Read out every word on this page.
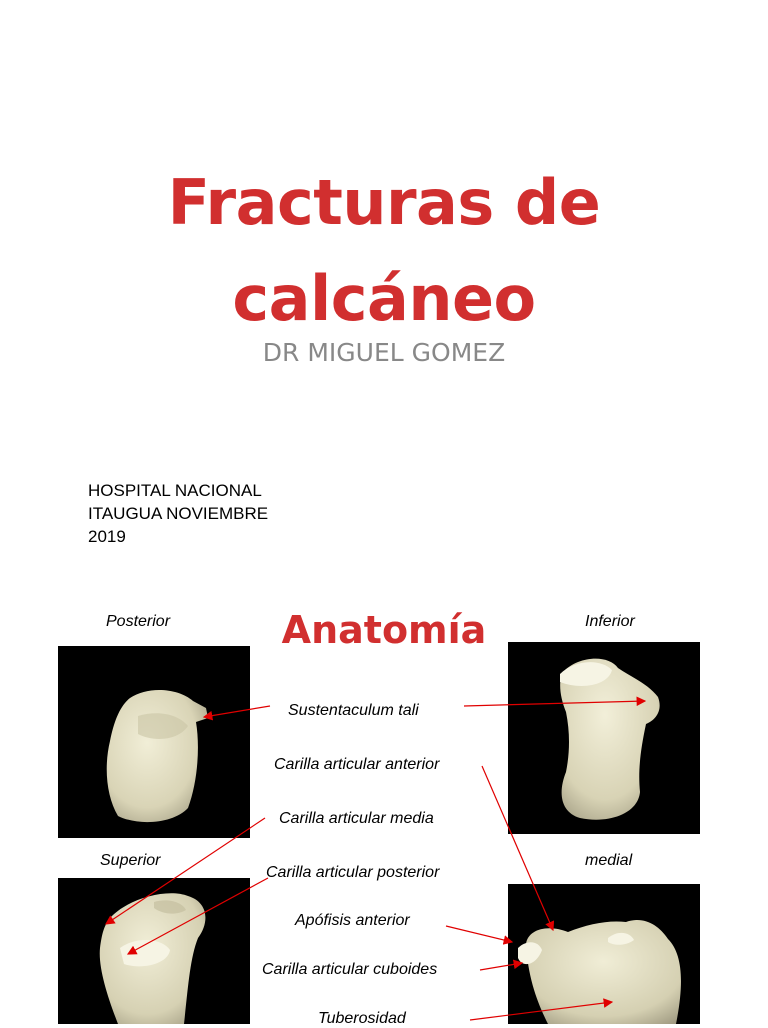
Fracturas de
calcáneo
DR MIGUEL GOMEZ
HOSPITAL NACIONAL
ITAUGUA NOVIEMBRE
2019
Anatomía
Posterior	Inferior
Superior	medial
Sustentaculum tali
Carilla articular anterior
Carilla articular media
Carilla articular posterior
Apófisis anterior
Carilla articular cuboides
Tuberosidad
